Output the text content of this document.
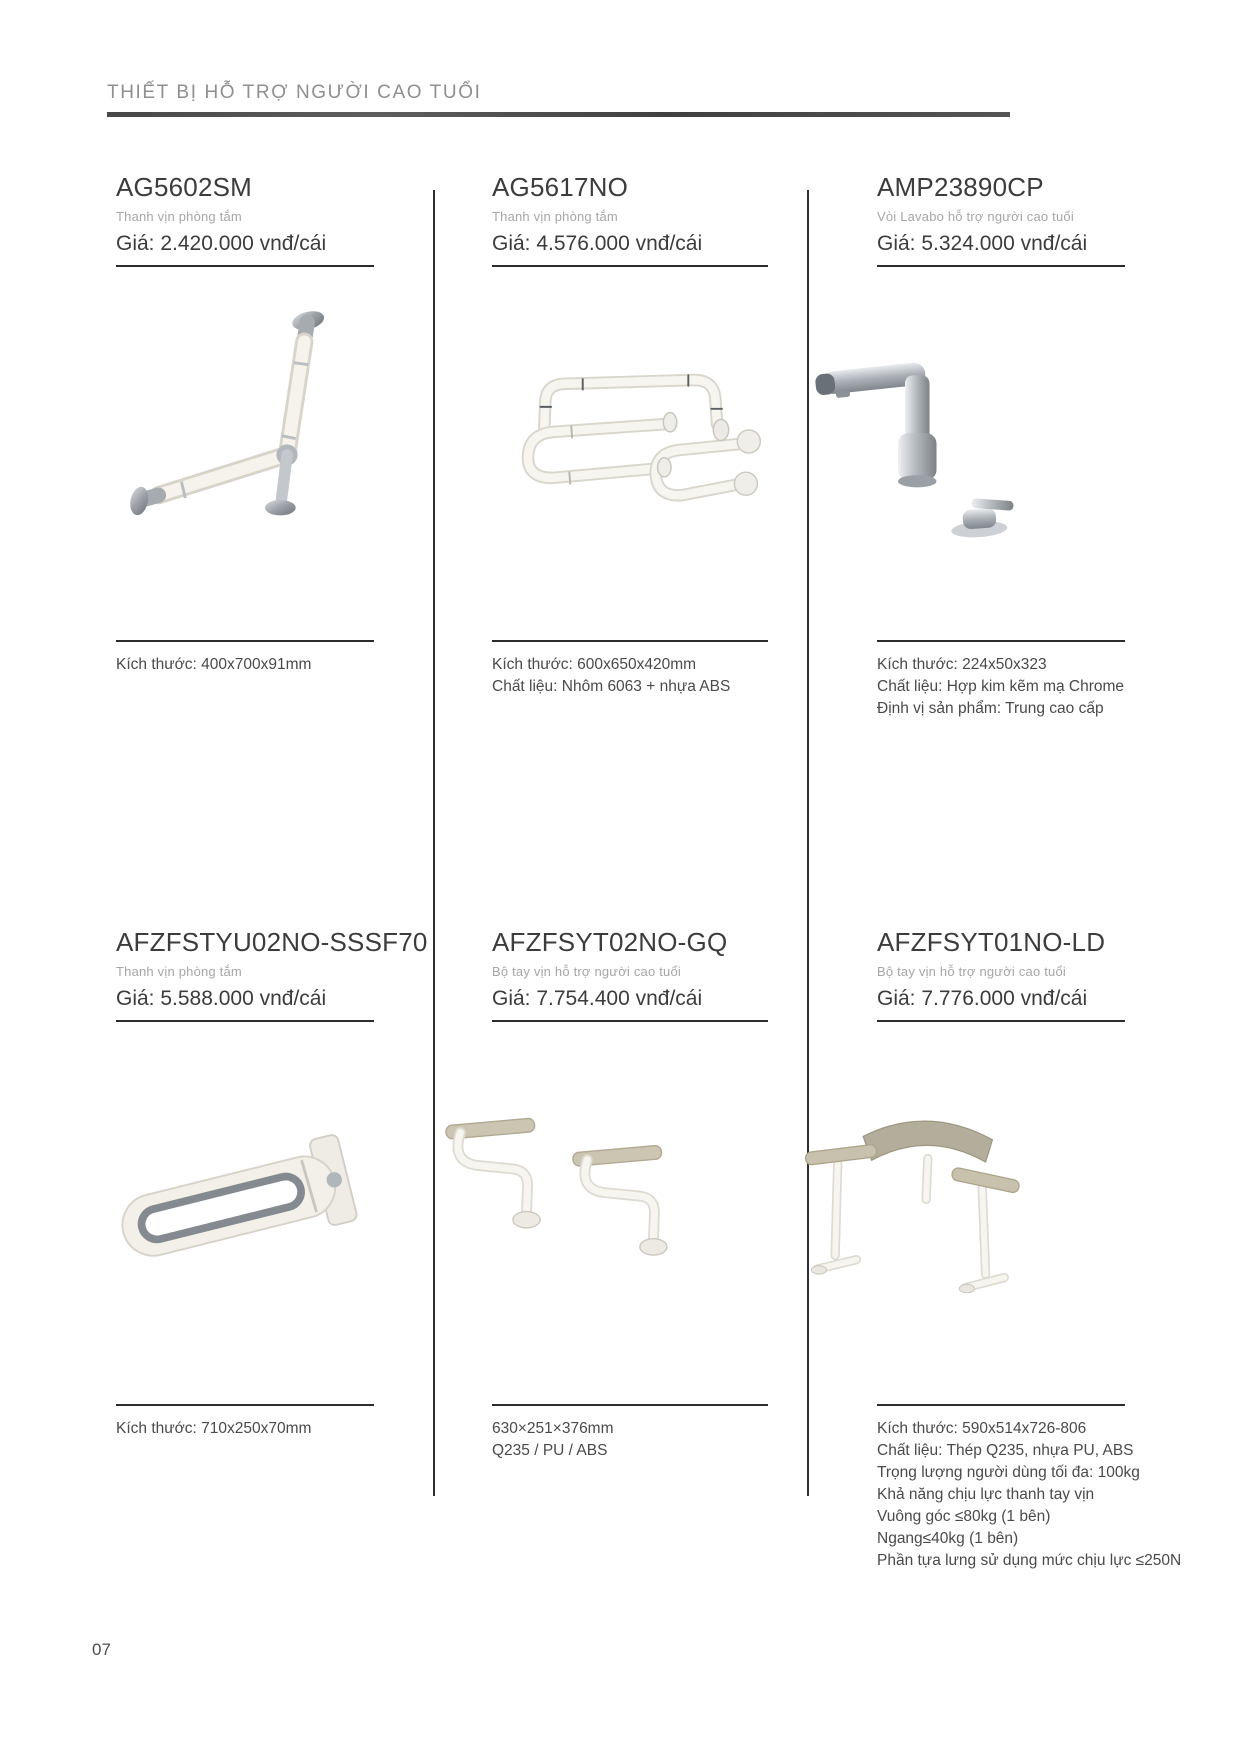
THIẾT BỊ HỖ TRỢ NGƯỜI CAO TUỔI
AG5602SM

Thanh vịn phòng tắm

Giá: 2.420.000 vnđ/cái

Kích thước: 400x700x91mm

AG5617NO

Thanh vịn phòng tắm

Giá: 4.576.000 vnđ/cái

Kích thước: 600x650x420mm

Chất liệu: Nhôm 6063 + nhựa ABS

AMP23890CP

Vòi Lavabo hỗ trợ người cao tuổi

Giá: 5.324.000 vnđ/cái

Kích thước: 224x50x323

Chất liệu: Hợp kim kẽm mạ Chrome

Định vị sản phẩm: Trung cao cấp

AFZFSTYU02NO-SSSF70

Thanh vịn phòng tắm

Giá: 5.588.000 vnđ/cái

Kích thước: 710x250x70mm

AFZFSYT02NO-GQ

Bộ tay vịn hỗ trợ người cao tuổi

Giá: 7.754.400 vnđ/cái

630×251×376mm

Q235 / PU / ABS

AFZFSYT01NO-LD

Bộ tay vịn hỗ trợ người cao tuổi

Giá: 7.776.000 vnđ/cái

Kích thước: 590x514x726-806

Chất liệu: Thép Q235, nhựa PU, ABS

Trọng lượng người dùng tối đa: 100kg

Khả năng chịu lực thanh tay vịn

Vuông góc ≤80kg (1 bên)

Ngang≤40kg (1 bên)

Phần tựa lưng sử dụng mức chịu lực ≤250N

07
